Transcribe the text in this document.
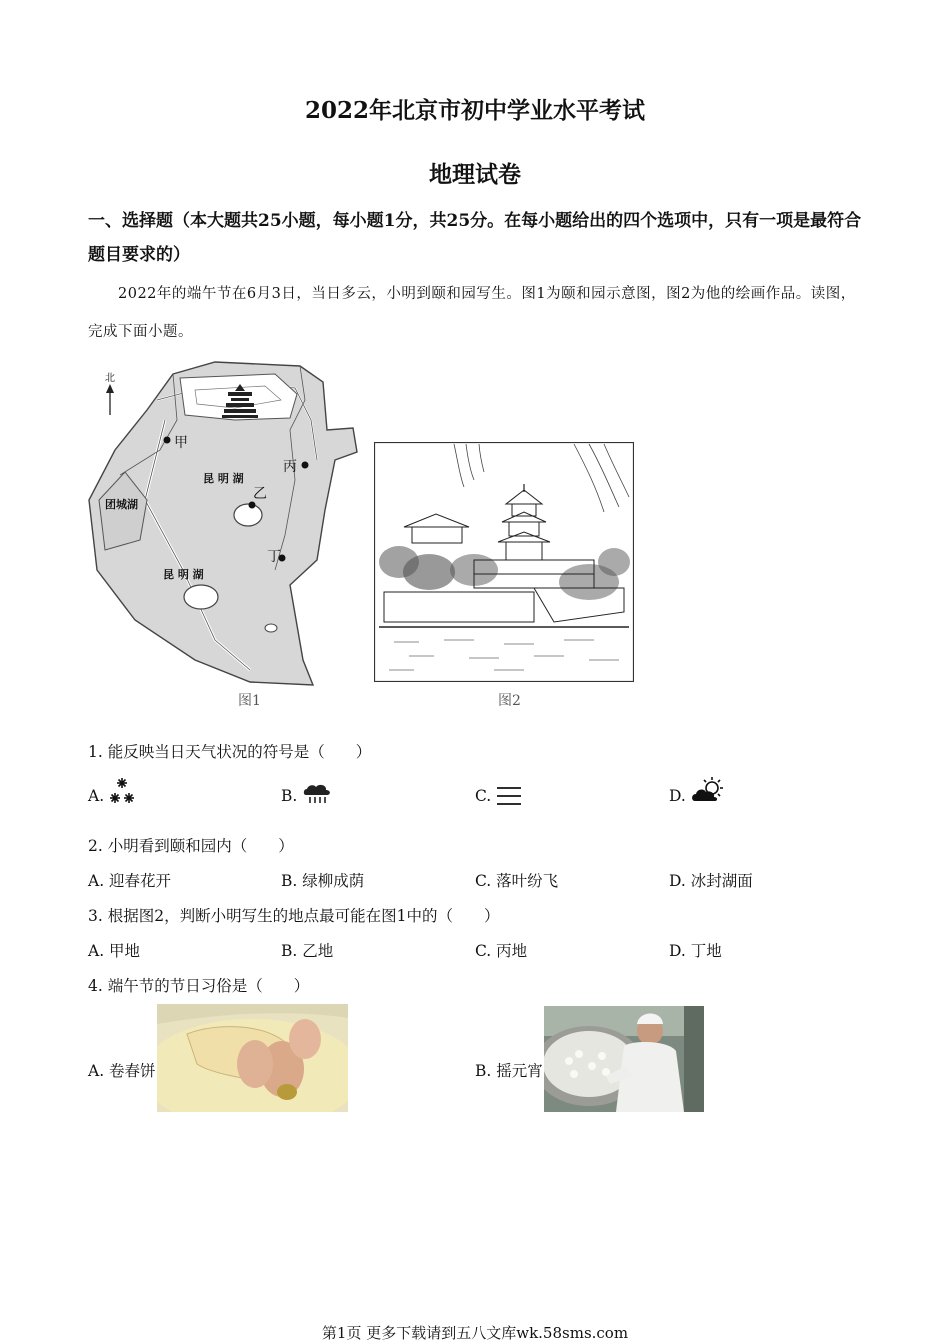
2022年北京市初中学业水平考试
地理试卷
一、选择题（本大题共25小题，每小题1分，共25分。在每小题给出的四个选项中，只有一项是最符合题目要求的）
2022年的端午节在6月3日，当日多云，小明到颐和园写生。图1为颐和园示意图，图2为他的绘画作品。读图，完成下面小题。
北
甲
丙
乙
丁
昆 明 湖
昆 明 湖
团城湖
图1	图2
1. 能反映当日天气状况的符号是（　　）
A.	B.	C.	D.
2. 小明看到颐和园内（　　）
A. 迎春花开	B. 绿柳成荫	C. 落叶纷飞	D. 冰封湖面
3. 根据图2，判断小明写生的地点最可能在图1中的（　　）
A. 甲地	B. 乙地	C. 丙地	D. 丁地
4. 端午节的节日习俗是（　　）
A. 卷春饼	B. 摇元宵
第1页 更多下载请到五八文库wk.58sms.com
